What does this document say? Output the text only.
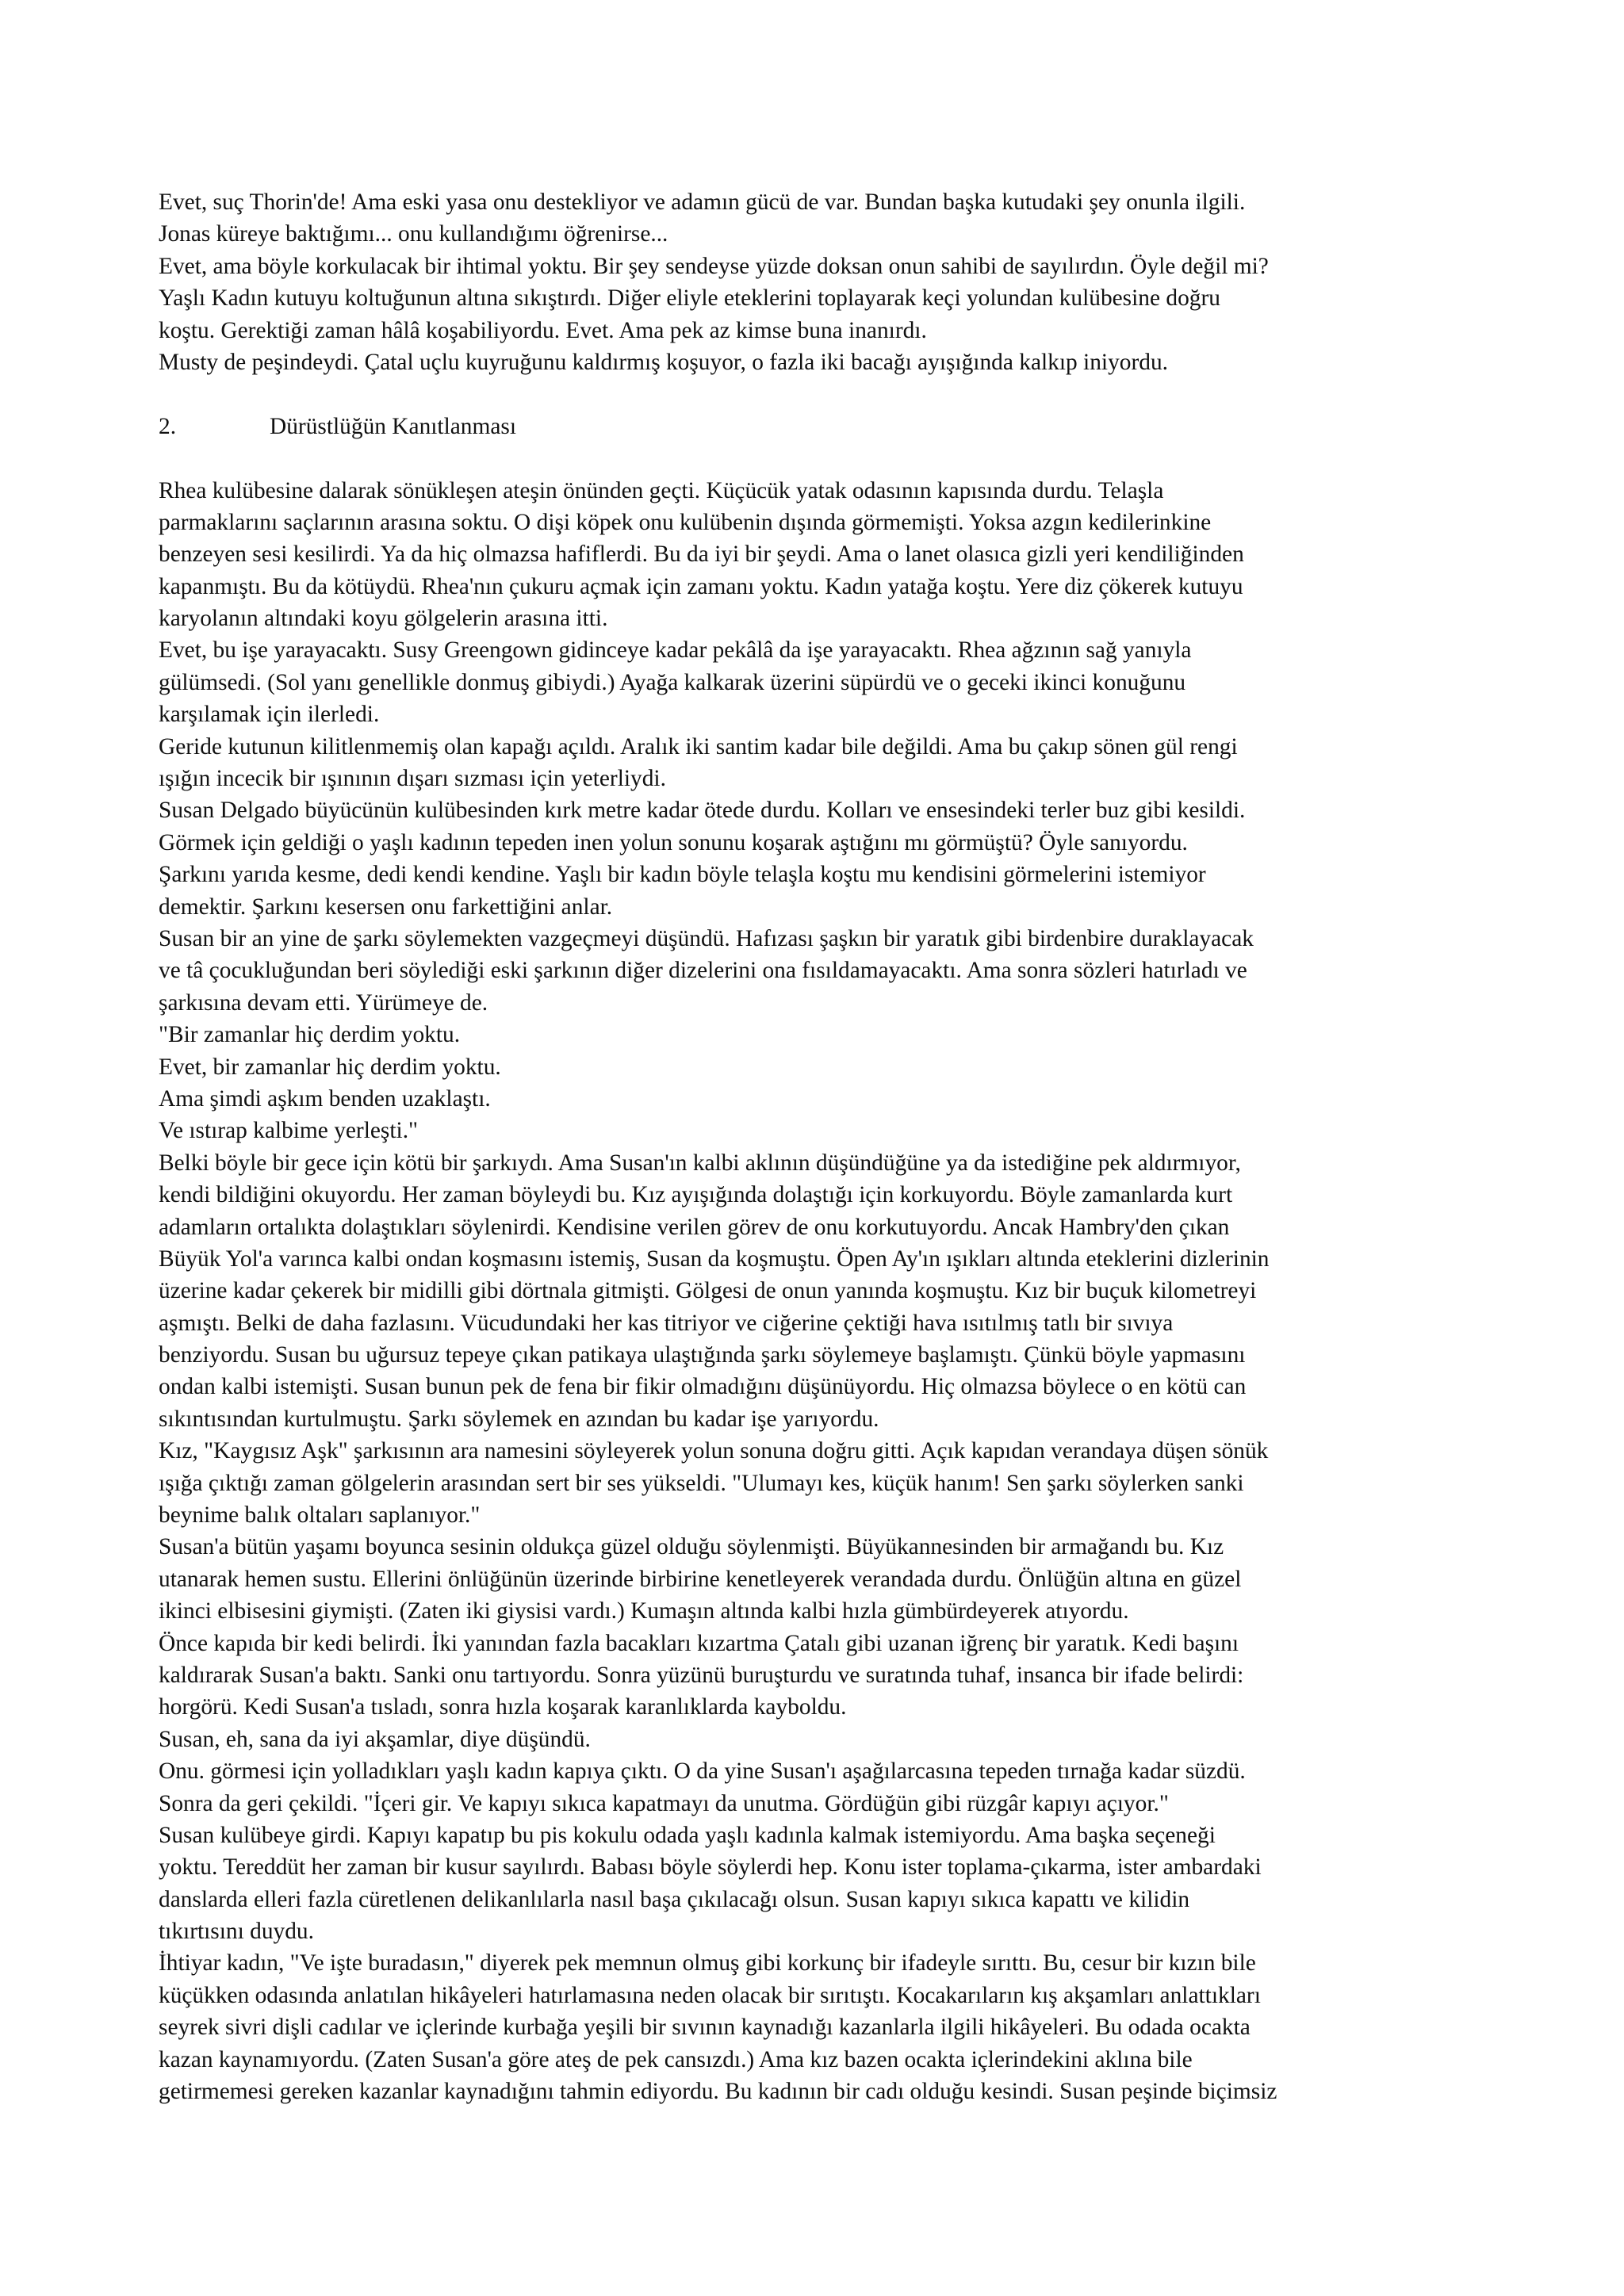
Evet, suç Thorin'de! Ama eski yasa onu destekliyor ve adamın gücü de var. Bundan başka kutudaki şey onunla ilgili.
Jonas küreye baktığımı... onu kullandığımı öğrenirse...
Evet, ama böyle korkulacak bir ihtimal yoktu. Bir şey sendeyse yüzde doksan onun sahibi de sayılırdın. Öyle değil mi?
Yaşlı Kadın kutuyu koltuğunun altına sıkıştırdı. Diğer eliyle eteklerini toplayarak keçi yolundan kulübesine doğru
koştu. Gerektiği zaman hâlâ koşabiliyordu. Evet. Ama pek az kimse buna inanırdı.
Musty de peşindeydi. Çatal uçlu kuyruğunu kaldırmış koşuyor, o fazla iki bacağı ayışığında kalkıp iniyordu.
2.	Dürüstlüğün Kanıtlanması
Rhea kulübesine dalarak sönükleşen ateşin önünden geçti. Küçücük yatak odasının kapısında durdu. Telaşla
parmaklarını saçlarının arasına soktu. O dişi köpek onu kulübenin dışında görmemişti. Yoksa azgın kedilerinkine
benzeyen sesi kesilirdi. Ya da hiç olmazsa hafiflerdi. Bu da iyi bir şeydi. Ama o lanet olasıca gizli yeri kendiliğinden
kapanmıştı. Bu da kötüydü. Rhea'nın çukuru açmak için zamanı yoktu. Kadın yatağa koştu. Yere diz çökerek kutuyu
karyolanın altındaki koyu gölgelerin arasına itti.
Evet, bu işe yarayacaktı. Susy Greengown gidinceye kadar pekâlâ da işe yarayacaktı. Rhea ağzının sağ yanıyla
gülümsedi. (Sol yanı genellikle donmuş gibiydi.) Ayağa kalkarak üzerini süpürdü ve o geceki ikinci konuğunu
karşılamak için ilerledi.
Geride kutunun kilitlenmemiş olan kapağı açıldı. Aralık iki santim kadar bile değildi. Ama bu çakıp sönen gül rengi
ışığın incecik bir ışınının dışarı sızması için yeterliydi.
Susan Delgado büyücünün kulübesinden kırk metre kadar ötede durdu. Kolları ve ensesindeki terler buz gibi kesildi.
Görmek için geldiği o yaşlı kadının tepeden inen yolun sonunu koşarak aştığını mı görmüştü? Öyle sanıyordu.
Şarkını yarıda kesme, dedi kendi kendine. Yaşlı bir kadın böyle telaşla koştu mu kendisini görmelerini istemiyor
demektir. Şarkını kesersen onu farkettiğini anlar.
Susan bir an yine de şarkı söylemekten vazgeçmeyi düşündü. Hafızası şaşkın bir yaratık gibi birdenbire duraklayacak
ve tâ çocukluğundan beri söylediği eski şarkının diğer dizelerini ona fısıldamayacaktı. Ama sonra sözleri hatırladı ve
şarkısına devam etti. Yürümeye de.
"Bir zamanlar hiç derdim yoktu.
Evet, bir zamanlar hiç derdim yoktu.
Ama şimdi aşkım benden uzaklaştı.
Ve ıstırap kalbime yerleşti."
Belki böyle bir gece için kötü bir şarkıydı. Ama Susan'ın kalbi aklının düşündüğüne ya da istediğine pek aldırmıyor,
kendi bildiğini okuyordu. Her zaman böyleydi bu. Kız ayışığında dolaştığı için korkuyordu. Böyle zamanlarda kurt
adamların ortalıkta dolaştıkları söylenirdi. Kendisine verilen görev de onu korkutuyordu. Ancak Hambry'den çıkan
Büyük Yol'a varınca kalbi ondan koşmasını istemiş, Susan da koşmuştu. Öpen Ay'ın ışıkları altında eteklerini dizlerinin
üzerine kadar çekerek bir midilli gibi dörtnala gitmişti. Gölgesi de onun yanında koşmuştu. Kız bir buçuk kilometreyi
aşmıştı. Belki de daha fazlasını. Vücudundaki her kas titriyor ve ciğerine çektiği hava ısıtılmış tatlı bir sıvıya
benziyordu. Susan bu uğursuz tepeye çıkan patikaya ulaştığında şarkı söylemeye başlamıştı. Çünkü böyle yapmasını
ondan kalbi istemişti. Susan bunun pek de fena bir fikir olmadığını düşünüyordu. Hiç olmazsa böylece o en kötü can
sıkıntısından kurtulmuştu. Şarkı söylemek en azından bu kadar işe yarıyordu.
Kız, "Kaygısız Aşk" şarkısının ara namesini söyleyerek yolun sonuna doğru gitti. Açık kapıdan verandaya düşen sönük
ışığa çıktığı zaman gölgelerin arasından sert bir ses yükseldi. "Ulumayı kes, küçük hanım! Sen şarkı söylerken sanki
beynime balık oltaları saplanıyor."
Susan'a bütün yaşamı boyunca sesinin oldukça güzel olduğu söylenmişti. Büyükannesinden bir armağandı bu. Kız
utanarak hemen sustu. Ellerini önlüğünün üzerinde birbirine kenetleyerek verandada durdu. Önlüğün altına en güzel
ikinci elbisesini giymişti. (Zaten iki giysisi vardı.) Kumaşın altında kalbi hızla gümbürdeyerek atıyordu.
Önce kapıda bir kedi belirdi. İki yanından fazla bacakları kızartma Çatalı gibi uzanan iğrenç bir yaratık. Kedi başını
kaldırarak Susan'a baktı. Sanki onu tartıyordu. Sonra yüzünü buruşturdu ve suratında tuhaf, insanca bir ifade belirdi:
horgörü. Kedi Susan'a tısladı, sonra hızla koşarak karanlıklarda kayboldu.
Susan, eh, sana da iyi akşamlar, diye düşündü.
Onu. görmesi için yolladıkları yaşlı kadın kapıya çıktı. O da yine Susan'ı aşağılarcasına tepeden tırnağa kadar süzdü.
Sonra da geri çekildi. "İçeri gir. Ve kapıyı sıkıca kapatmayı da unutma. Gördüğün gibi rüzgâr kapıyı açıyor."
Susan kulübeye girdi. Kapıyı kapatıp bu pis kokulu odada yaşlı kadınla kalmak istemiyordu. Ama başka seçeneği
yoktu. Tereddüt her zaman bir kusur sayılırdı. Babası böyle söylerdi hep. Konu ister toplama-çıkarma, ister ambardaki
danslarda elleri fazla cüretlenen delikanlılarla nasıl başa çıkılacağı olsun. Susan kapıyı sıkıca kapattı ve kilidin
tıkırtısını duydu.
İhtiyar kadın, "Ve işte buradasın," diyerek pek memnun olmuş gibi korkunç bir ifadeyle sırıttı. Bu, cesur bir kızın bile
küçükken odasında anlatılan hikâyeleri hatırlamasına neden olacak bir sırıtıştı. Kocakarıların kış akşamları anlattıkları
seyrek sivri dişli cadılar ve içlerinde kurbağa yeşili bir sıvının kaynadığı kazanlarla ilgili hikâyeleri. Bu odada ocakta
kazan kaynamıyordu. (Zaten Susan'a göre ateş de pek cansızdı.) Ama kız bazen ocakta içlerindekini aklına bile
getirmemesi gereken kazanlar kaynadığını tahmin ediyordu. Bu kadının bir cadı olduğu kesindi. Susan peşinde biçimsiz
